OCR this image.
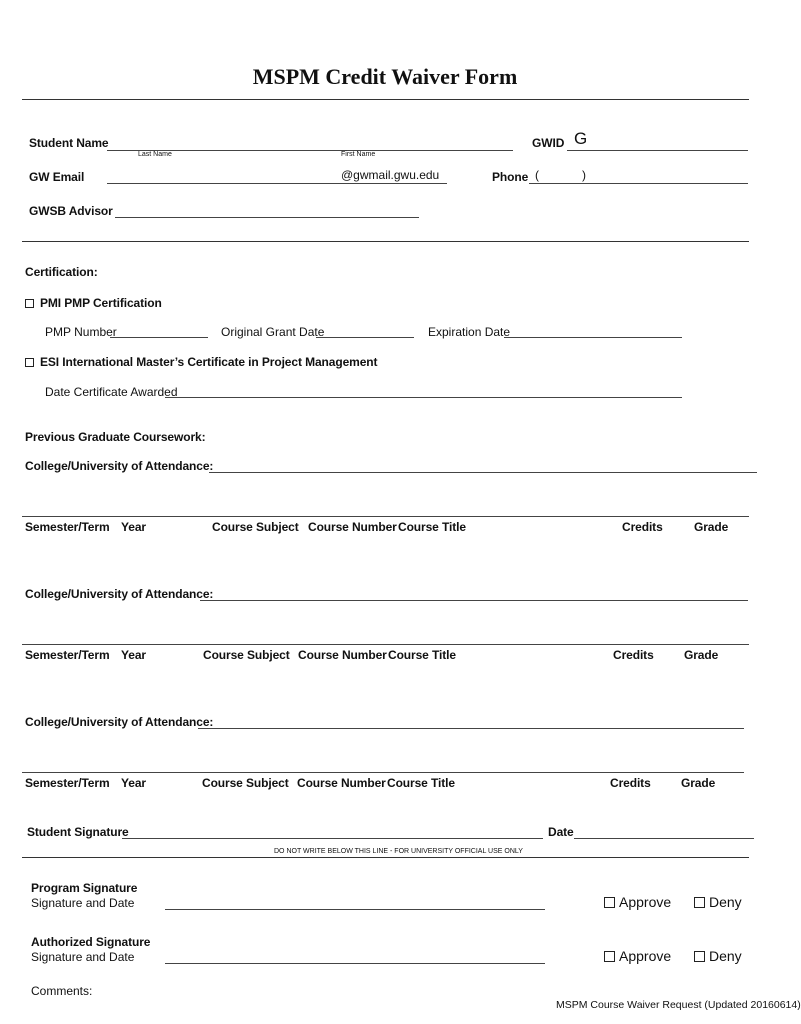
MSPM Credit Waiver Form
Student Name
Last Name	First Name
GWID G
GW Email	@gwmail.gwu.edu	Phone (	)
GWSB Advisor
Certification:
PMI PMP Certification
PMP Number	Original Grant Date	Expiration Date
ESI International Master’s Certificate in Project Management
Date Certificate Awarded
Previous Graduate Coursework:
College/University of Attendance:
Semester/Term Year	Course Subject Course Number Course Title	Credits	Grade
College/University of Attendance:
Semester/Term Year	Course Subject Course Number Course Title	Credits	Grade
College/University of Attendance:
Semester/Term Year	Course Subject Course Number Course Title	Credits	Grade
Student Signature	Date
DO NOT WRITE BELOW THIS LINE - FOR UNIVERSITY OFFICIAL USE ONLY
Program Signature
Signature and Date	Approve	Deny
Authorized Signature
Signature and Date	Approve	Deny
Comments:
MSPM Course Waiver Request (Updated 20160614)
